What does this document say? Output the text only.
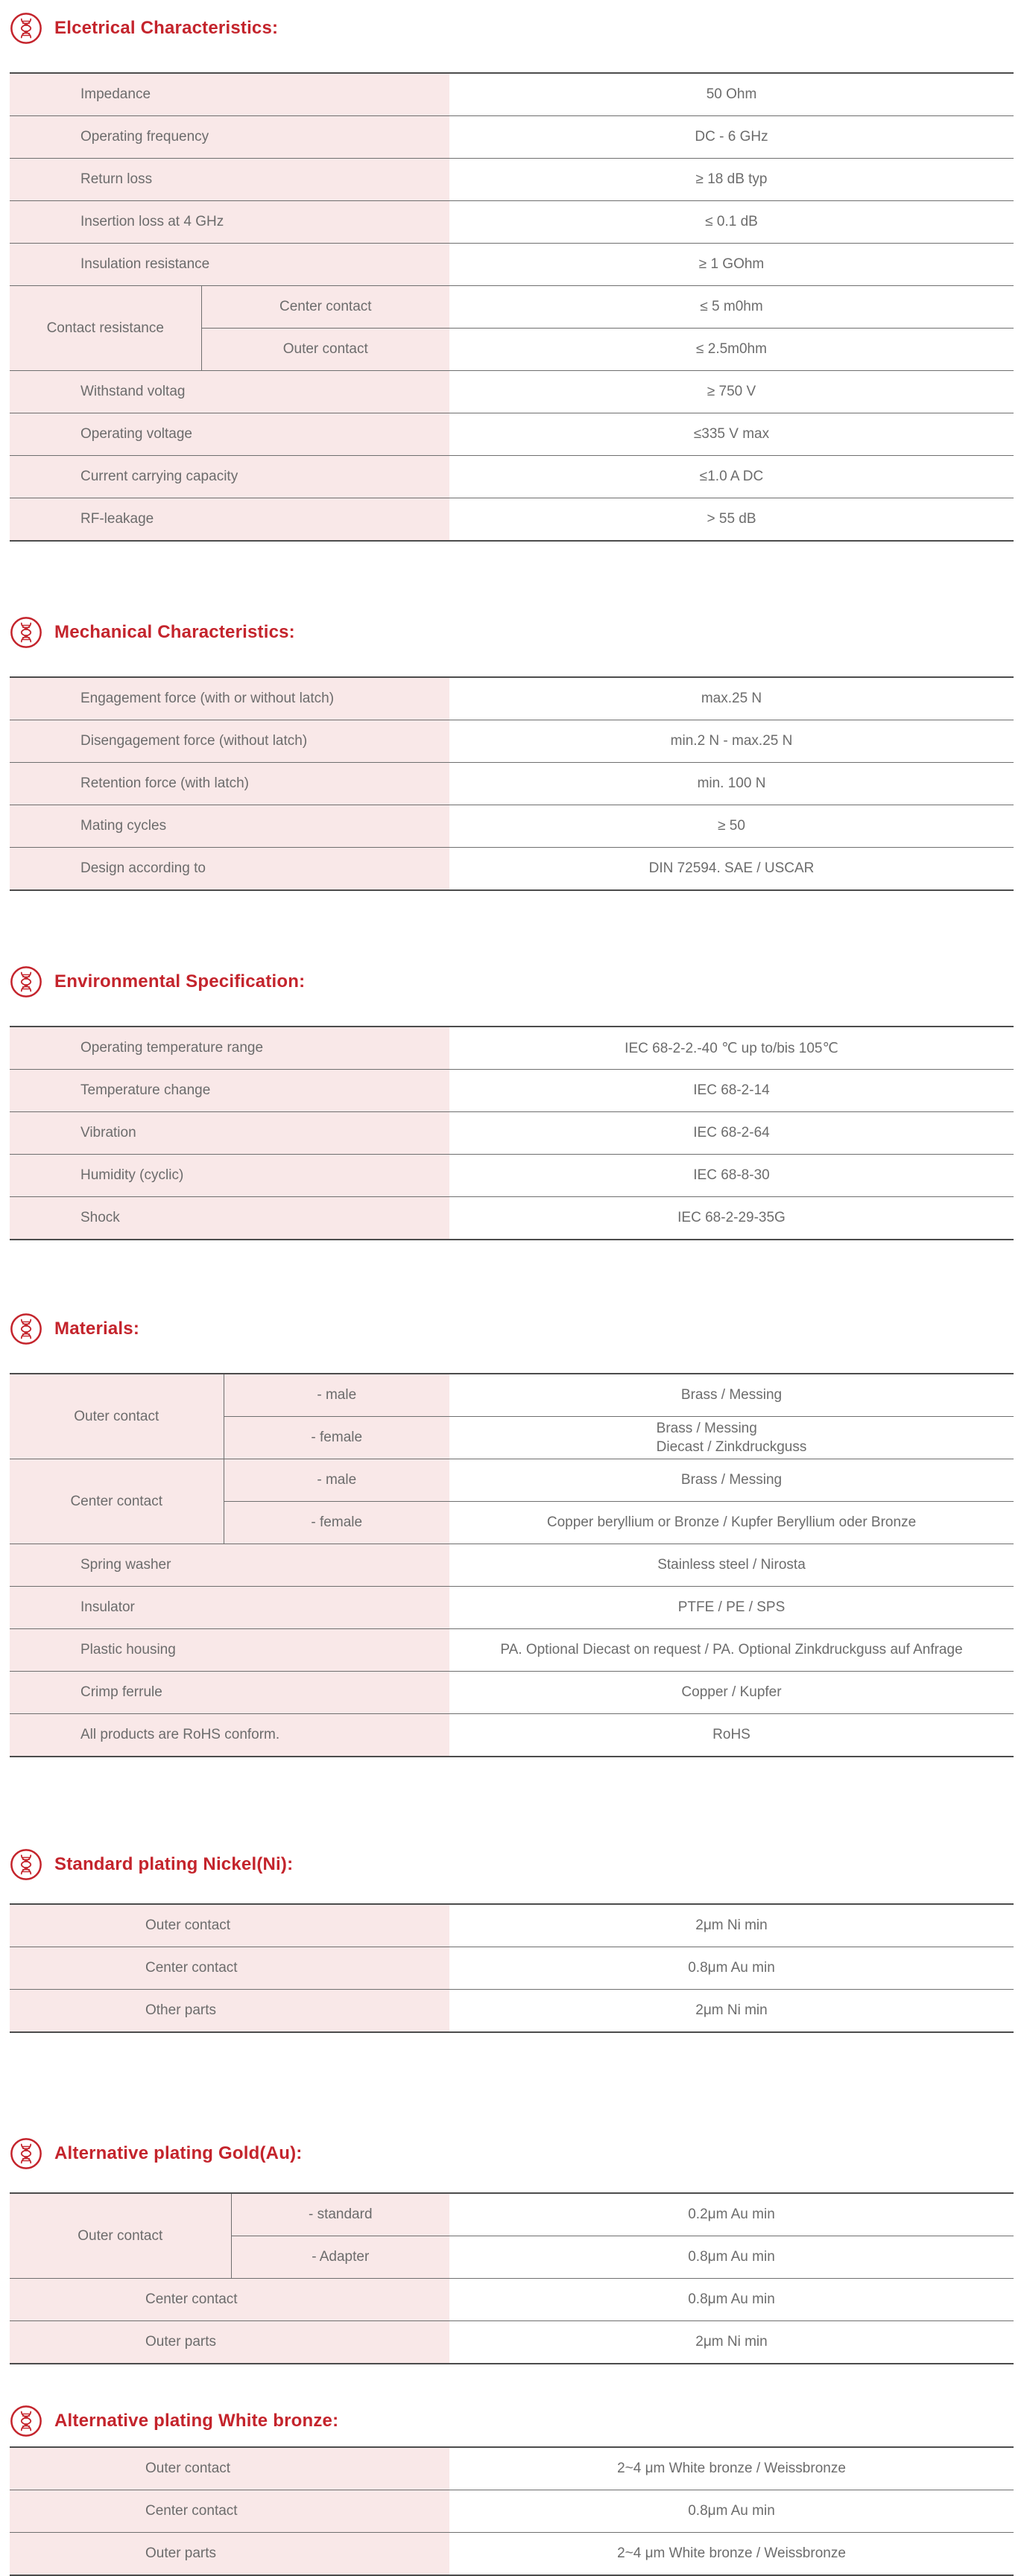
Elcetrical Characteristics:
Impedance		50 Ohm
Operating frequency		DC - 6 GHz
Return loss		≥ 18 dB typ
Insertion loss at 4 GHz		≤ 0.1 dB
Insulation resistance		≥ 1 GOhm
Contact resistance	Center contact	≤ 5 m0hm
	Outer contact	≤ 2.5m0hm
Withstand voltag		≥ 750 V
Operating voltage		≤335 V max
Current carrying capacity		≤1.0 A DC
RF-leakage		> 55 dB
Mechanical Characteristics:
Engagement force (with or without latch)	max.25 N
Disengagement force (without latch)	min.2 N - max.25 N
Retention force (with latch)	min. 100 N
Mating cycles	≥ 50
Design according to	DIN 72594. SAE / USCAR
Environmental Specification:
Operating temperature range	IEC 68-2-2.-40 ℃ up to/bis 105℃
Temperature change	IEC 68-2-14
Vibration	IEC 68-2-64
Humidity (cyclic)	IEC 68-8-30
Shock	IEC 68-2-29-35G
Materials:
Outer contact	- male	Brass / Messing
	- female	Brass / Messing
Diecast / Zinkdruckguss

Center contact	- male	Brass / Messing
	- female	Copper beryllium or Bronze / Kupfer Beryllium oder Bronze
Spring washer		Stainless steel / Nirosta
Insulator		PTFE / PE / SPS
Plastic housing		PA. Optional Diecast on request / PA. Optional Zinkdruckguss auf Anfrage
Crimp ferrule		Copper / Kupfer
All products are RoHS conform.		RoHS
Standard plating Nickel(Ni):
Outer contact	2μm Ni min
Center contact	0.8μm Au min
Other parts	2μm Ni min
Alternative plating Gold(Au):
Outer contact	- standard	0.2μm Au min
	- Adapter	0.8μm Au min
Center contact		0.8μm Au min
Outer parts		2μm Ni min
Alternative plating White bronze:
Outer contact	2~4 μm White bronze / Weissbronze
Center contact	0.8μm Au min
Outer parts	2~4 μm White bronze / Weissbronze
